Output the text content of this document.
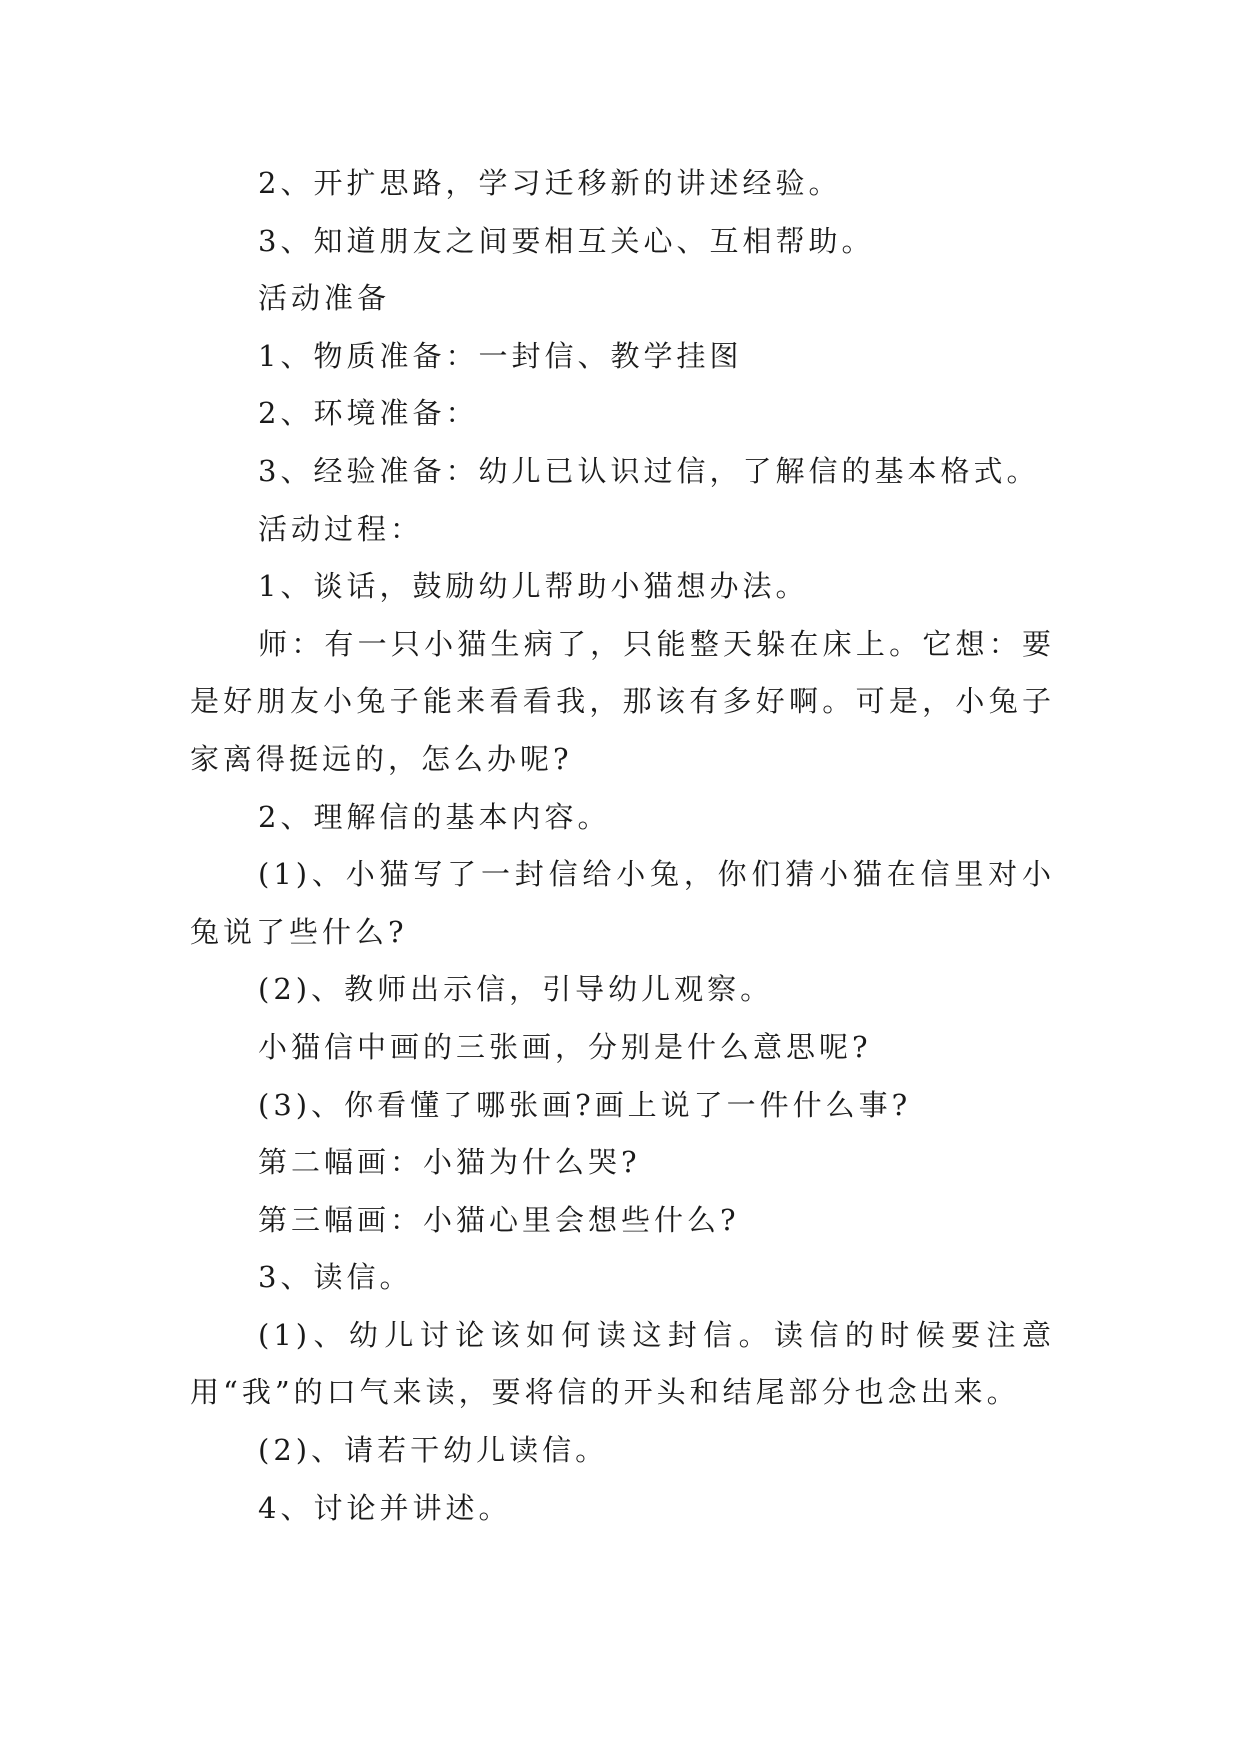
2、开扩思路，学习迁移新的讲述经验。

3、知道朋友之间要相互关心、互相帮助。

活动准备

1、物质准备：一封信、教学挂图

2、环境准备：

3、经验准备：幼儿已认识过信，了解信的基本格式。

活动过程：

1、谈话，鼓励幼儿帮助小猫想办法。

师：有一只小猫生病了，只能整天躲在床上。它想：要是好朋友小兔子能来看看我，那该有多好啊。可是，小兔子家离得挺远的，怎么办呢?

2、理解信的基本内容。

(1)、小猫写了一封信给小兔，你们猜小猫在信里对小兔说了些什么?

(2)、教师出示信，引导幼儿观察。

小猫信中画的三张画，分别是什么意思呢?

(3)、你看懂了哪张画?画上说了一件什么事?

第二幅画：小猫为什么哭?

第三幅画：小猫心里会想些什么?

3、读信。

(1)、幼儿讨论该如何读这封信。读信的时候要注意用“我”的口气来读，要将信的开头和结尾部分也念出来。

(2)、请若干幼儿读信。

4、讨论并讲述。
